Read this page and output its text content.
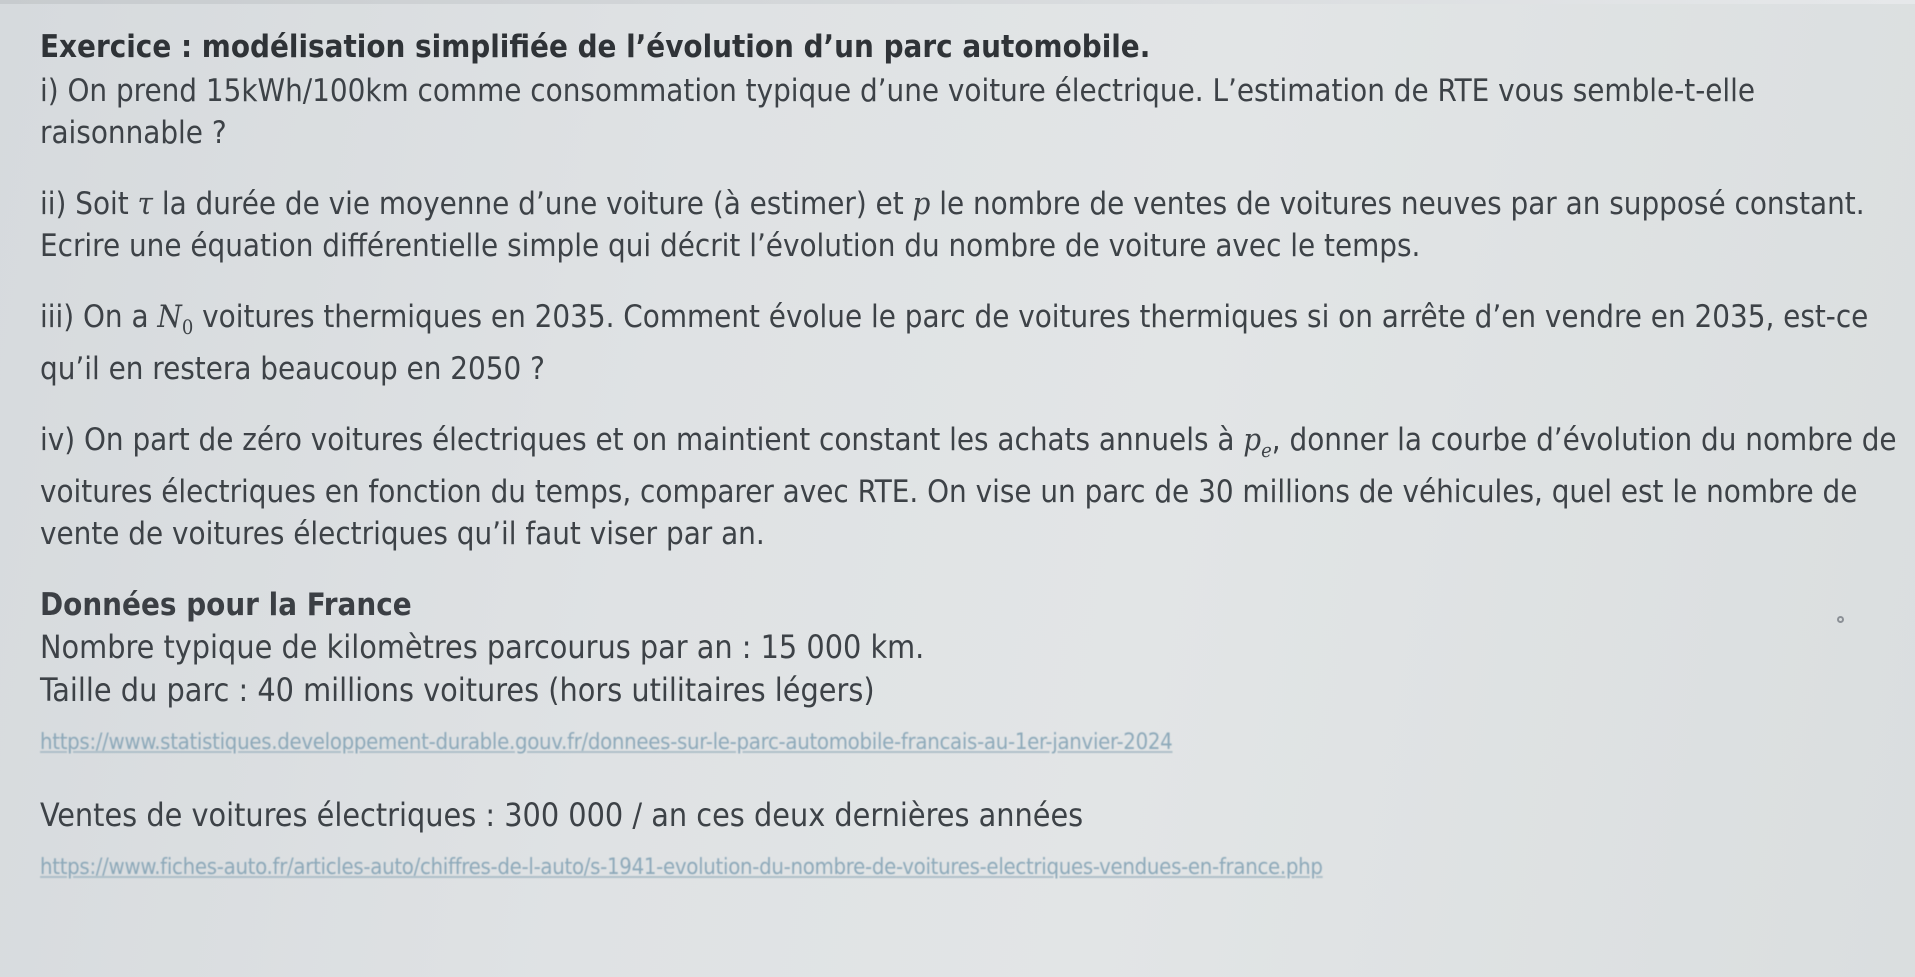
Exercice : modélisation simplifiée de l’évolution d’un parc automobile.
i) On prend 15kWh/100km comme consommation typique d’une voiture électrique. L’estimation de RTE vous semble-t-elle raisonnable ?
ii) Soit τ la durée de vie moyenne d’une voiture (à estimer) et p le nombre de ventes de voitures neuves par an supposé constant. Ecrire une équation différentielle simple qui décrit l’évolution du nombre de voiture avec le temps.
iii) On a $N_0$ voitures thermiques en 2035. Comment évolue le parc de voitures thermiques si on arrête d’en vendre en 2035, est-ce qu’il en restera beaucoup en 2050 ?
iv) On part de zéro voitures électriques et on maintient constant les achats annuels à $p_e$, donner la courbe d’évolution du nombre de voitures électriques en fonction du temps, comparer avec RTE. On vise un parc de 30 millions de véhicules, quel est le nombre de vente de voitures électriques qu’il faut viser par an.
Données pour la France
Nombre typique de kilomètres parcourus par an : 15 000 km.
Taille du parc : 40 millions voitures (hors utilitaires légers)
https://www.statistiques.developpement-durable.gouv.fr/donnees-sur-le-parc-automobile-francais-au-1er-janvier-2024
Ventes de voitures électriques : 300 000 / an ces deux dernières années
https://www.fiches-auto.fr/articles-auto/chiffres-de-l-auto/s-1941-evolution-du-nombre-de-voitures-electriques-vendues-en-france.php
